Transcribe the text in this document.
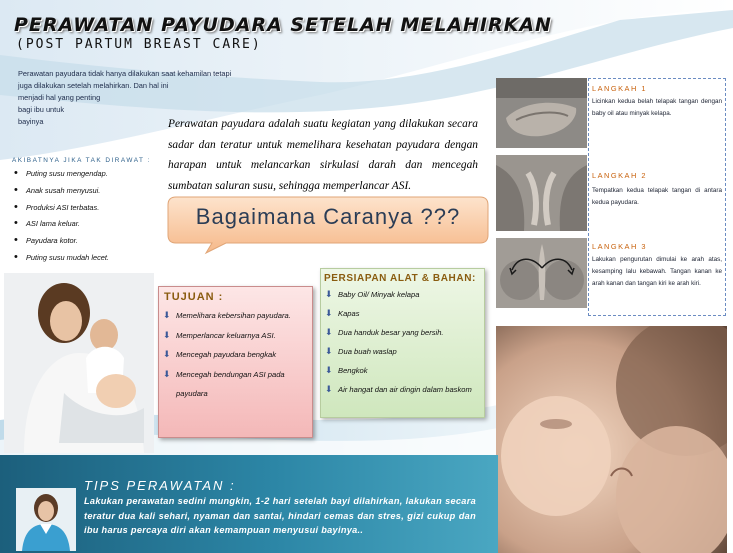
PERAWATAN PAYUDARA SETELAH MELAHIRKAN
(POST PARTUM BREAST CARE)
Perawatan payudara tidak hanya dilakukan saat kehamilan tetapi
juga dilakukan setelah melahirkan. Dan hal ini
menjadi hal yang penting
bagi ibu untuk
bayinya	Perawatan payudara adalah suatu kegiatan yang dilakukan secara sadar dan teratur untuk memelihara kesehatan payudara dengan harapan untuk melancarkan sirkulasi darah dan mencegah sumbatan saluran susu, sehingga memperlancar ASI.
AKIBATNYA JIKA TAK DIRAWAT :
• Puting susu mengendap.
• Anak susah menyusui.
• Produksi ASI terbatas.
• ASI lama keluar.
• Payudara kotor.
• Puting susu mudah lecet.
Bagaimana Caranya ???
TUJUAN :
⬇ Memelihara kebersihan payudara.
⬇ Memperlancar keluarnya ASI.
⬇ Mencegah payudara bengkak
⬇ Mencegah bendungan ASI pada payudara
PERSIAPAN ALAT & BAHAN:
⬇ Baby Oil/ Minyak kelapa
⬇ Kapas
⬇ Dua handuk besar yang bersih.
⬇ Dua buah waslap
⬇ Bengkok
⬇ Air hangat dan air dingin dalam baskom
LANGKAH 1
Licinkan kedua belah telapak tangan dengan baby oil atau minyak kelapa.
LANGKAH 2
Tempatkan kedua telapak tangan di antara kedua payudara.
LANGKAH 3
Lakukan pengurutan dimulai ke arah atas, kesamping lalu kebawah. Tangan kanan ke arah kanan dan tangan kiri ke arah kiri.
TIPS PERAWATAN :
Lakukan perawatan sedini mungkin, 1-2 hari setelah bayi dilahirkan, lakukan secara teratur dua kali sehari, nyaman dan santai, hindari cemas dan stres, gizi cukup dan ibu harus percaya diri akan kemampuan menyusui bayinya..
